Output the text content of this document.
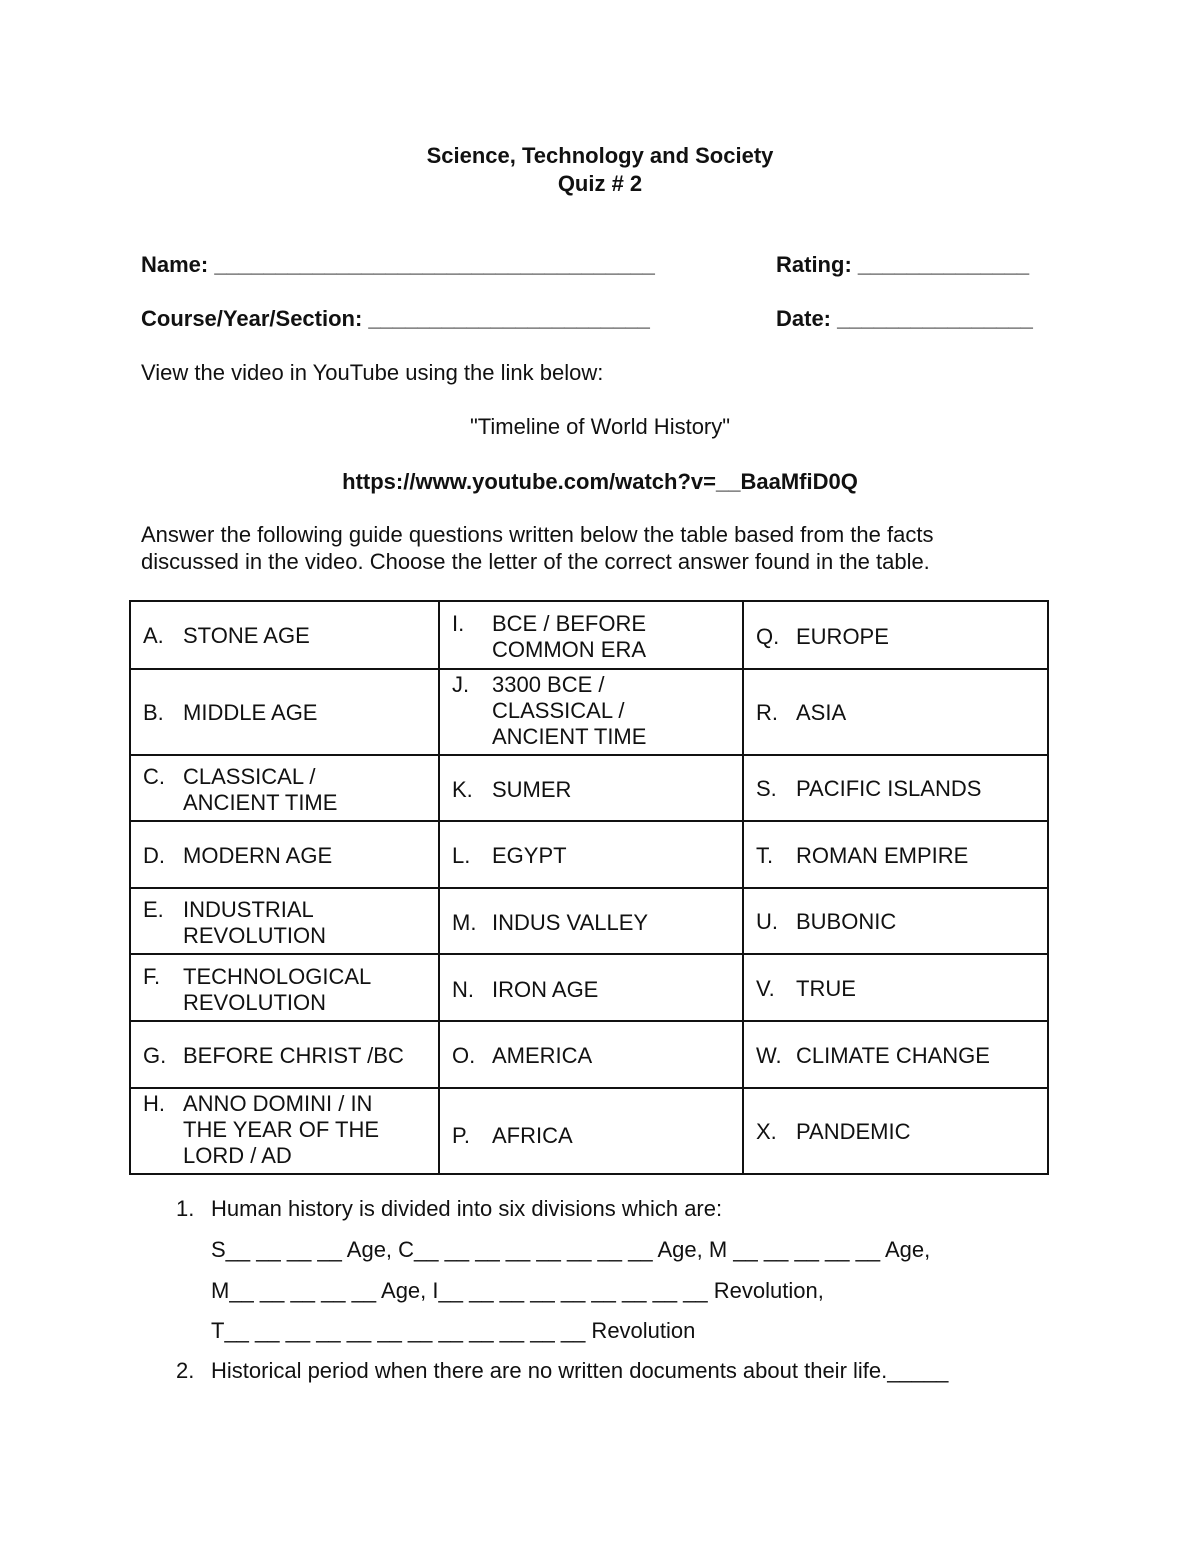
Science, Technology and Society
Quiz # 2
Name: ____________________________________	Rating: ______________
Course/Year/Section: _______________________	Date: ________________
View the video in YouTube using the link below:
"Timeline of World History"
https://www.youtube.com/watch?v=__BaaMfiD0Q
Answer the following guide questions written below the table based from the facts
discussed in the video. Choose the letter of the correct answer found in the table.
A. STONE AGE	I. BCE / BEFORE COMMON ERA	Q. EUROPE

B. MIDDLE AGE	J. 3300 BCE / CLASSICAL / ANCIENT TIME	R. ASIA

C. CLASSICAL / ANCIENT TIME	K. SUMER	S. PACIFIC ISLANDS

D. MODERN AGE	L. EGYPT	T. ROMAN EMPIRE

E. INDUSTRIAL REVOLUTION	M. INDUS VALLEY	U. BUBONIC

F. TECHNOLOGICAL REVOLUTION	N. IRON AGE	V. TRUE

G. BEFORE CHRIST /BC	O. AMERICA	W. CLIMATE CHANGE

H. ANNO DOMINI / IN THE YEAR OF THE LORD / AD	P. AFRICA	X. PANDEMIC
1. Human history is divided into six divisions which are:
S__ __ __ __ Age, C__ __ __ __ __ __ __ __ Age, M __ __ __ __ __ Age,
M__ __ __ __ __ Age, I__ __ __ __ __ __ __ __ __ Revolution,
T__ __ __ __ __ __ __ __ __ __ __ __ Revolution
2. Historical period when there are no written documents about their life._____
